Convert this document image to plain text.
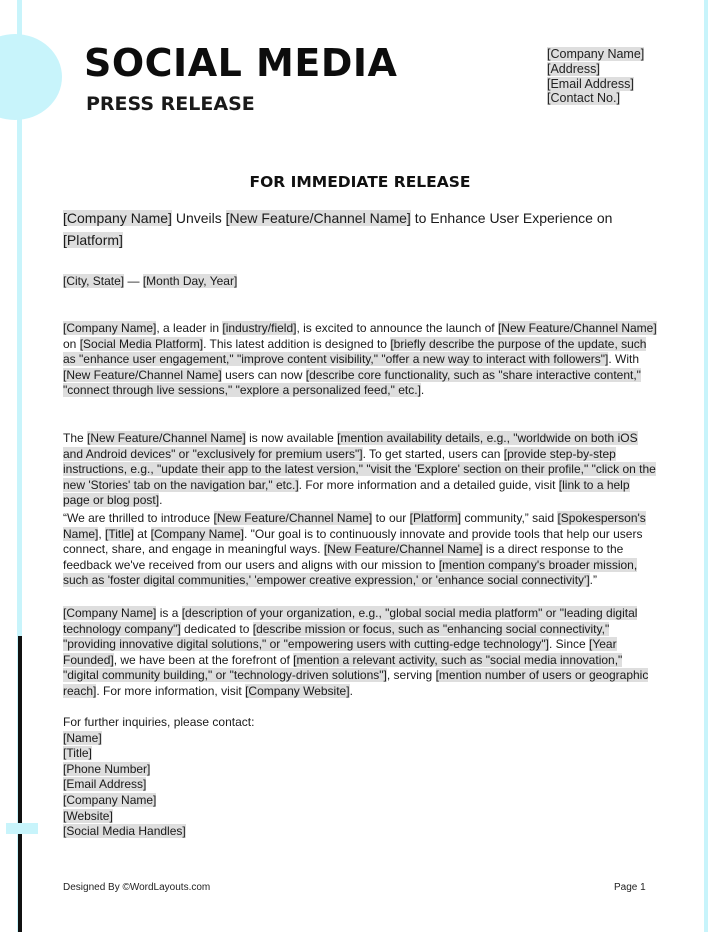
SOCIAL MEDIA
PRESS RELEASE
[Company Name]
[Address]
[Email Address]
[Contact No.]
FOR IMMEDIATE RELEASE

[Company Name] Unveils [New Feature/Channel Name] to Enhance User Experience on [Platform]

[City, State] — [Month Day, Year]

[Company Name], a leader in [industry/field], is excited to announce the launch of [New Feature/Channel Name] on [Social Media Platform]. This latest addition is designed to [briefly describe the purpose of the update, such as "enhance user engagement," "improve content visibility," "offer a new way to interact with followers"]. With [New Feature/Channel Name] users can now [describe core functionality, such as "share interactive content," "connect through live sessions," "explore a personalized feed," etc.].

The [New Feature/Channel Name] is now available [mention availability details, e.g., "worldwide on both iOS and Android devices" or "exclusively for premium users"]. To get started, users can [provide step-by-step instructions, e.g., "update their app to the latest version," "visit the 'Explore' section on their profile," "click on the new 'Stories' tab on the navigation bar," etc.]. For more information and a detailed guide, visit [link to a help page or blog post].

“We are thrilled to introduce [New Feature/Channel Name] to our [Platform] community,” said [Spokesperson's Name], [Title] at [Company Name]. "Our goal is to continuously innovate and provide tools that help our users connect, share, and engage in meaningful ways. [New Feature/Channel Name] is a direct response to the feedback we've received from our users and aligns with our mission to [mention company's broader mission, such as 'foster digital communities,' 'empower creative expression,' or 'enhance social connectivity'].”

[Company Name] is a [description of your organization, e.g., "global social media platform" or "leading digital technology company"] dedicated to [describe mission or focus, such as "enhancing social connectivity," "providing innovative digital solutions," or "empowering users with cutting-edge technology"]. Since [Year Founded], we have been at the forefront of [mention a relevant activity, such as "social media innovation," "digital community building," or "technology-driven solutions"], serving [mention number of users or geographic reach]. For more information, visit [Company Website].

For further inquiries, please contact:
[Name]
[Title]
[Phone Number]
[Email Address]
[Company Name]
[Website]
[Social Media Handles]
Designed By ©WordLayouts.com	Page 1
